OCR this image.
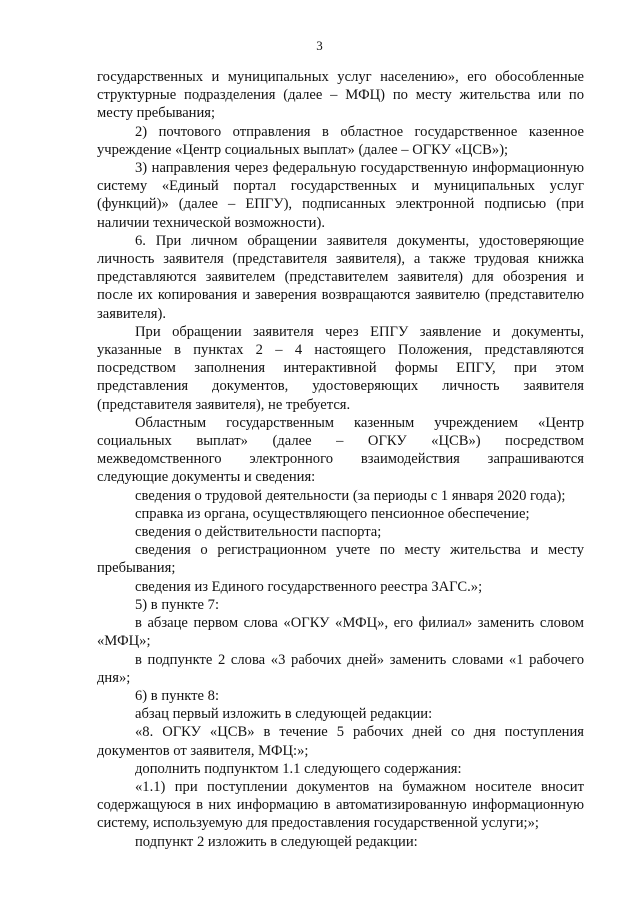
3

государственных и муниципальных услуг населению», его обособленные структурные подразделения (далее – МФЦ) по месту жительства или по месту пребывания;

2) почтового отправления в областное государственное казенное учреждение «Центр социальных выплат» (далее – ОГКУ «ЦСВ»);

3) направления через федеральную государственную информационную систему «Единый портал государственных и муниципальных услуг (функций)» (далее – ЕПГУ), подписанных электронной подписью (при наличии технической возможности).

6. При личном обращении заявителя документы, удостоверяющие личность заявителя (представителя заявителя), а также трудовая книжка представляются заявителем (представителем заявителя) для обозрения и после их копирования и заверения возвращаются заявителю (представителю заявителя).

При обращении заявителя через ЕПГУ заявление и документы, указанные в пунктах 2 – 4 настоящего Положения, представляются посредством заполнения интерактивной формы ЕПГУ, при этом представления документов, удостоверяющих личность заявителя (представителя заявителя), не требуется.

Областным государственным казенным учреждением «Центр социальных выплат» (далее – ОГКУ «ЦСВ») посредством межведомственного электронного взаимодействия запрашиваются следующие документы и сведения:

сведения о трудовой деятельности (за периоды с 1 января 2020 года);

справка из органа, осуществляющего пенсионное обеспечение;

сведения о действительности паспорта;

сведения о регистрационном учете по месту жительства и месту пребывания;

сведения из Единого государственного реестра ЗАГС.»;

5) в пункте 7:

в абзаце первом слова «ОГКУ «МФЦ», его филиал» заменить словом «МФЦ»;

в подпункте 2 слова «3 рабочих дней» заменить словами «1 рабочего дня»;

6) в пункте 8:

абзац первый изложить в следующей редакции:

«8. ОГКУ «ЦСВ» в течение 5 рабочих дней со дня поступления документов от заявителя, МФЦ:»;

дополнить подпунктом 1.1 следующего содержания:

«1.1) при поступлении документов на бумажном носителе вносит содержащуюся в них информацию в автоматизированную информационную систему, используемую для предоставления государственной услуги;»;

подпункт 2 изложить в следующей редакции:
